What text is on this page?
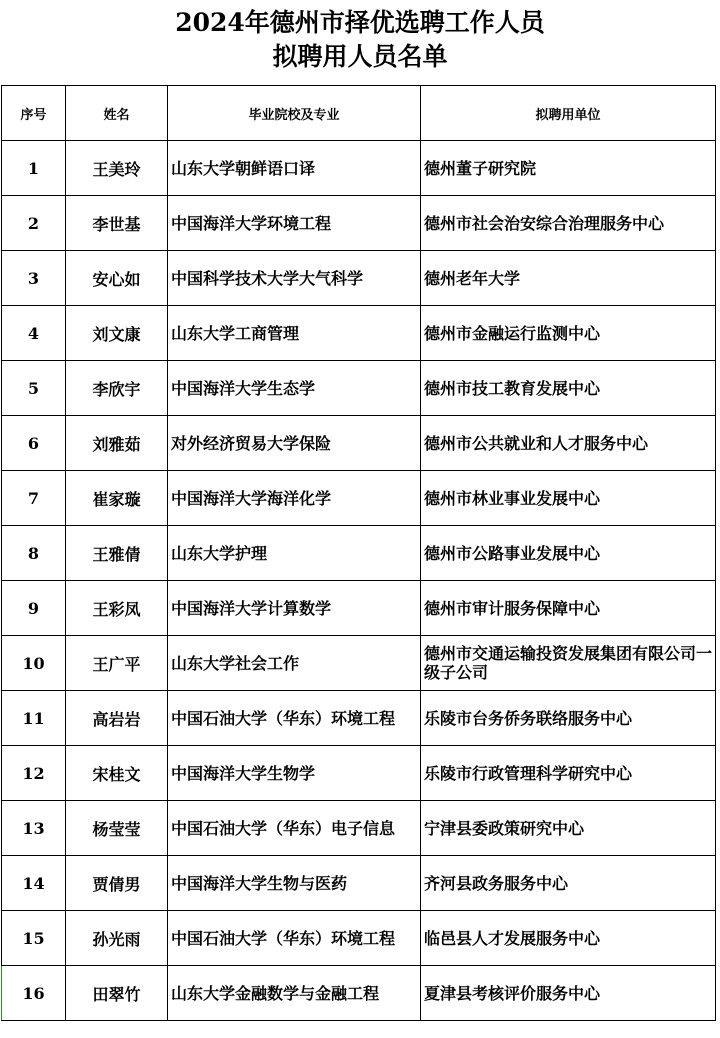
2024年德州市择优选聘工作人员
拟聘用人员名单
序号	姓名	毕业院校及专业	拟聘用单位
1	王美玲	山东大学朝鲜语口译	德州董子研究院
2	李世基	中国海洋大学环境工程	德州市社会治安综合治理服务中心
3	安心如	中国科学技术大学大气科学	德州老年大学
4	刘文康	山东大学工商管理	德州市金融运行监测中心
5	李欣宇	中国海洋大学生态学	德州市技工教育发展中心
6	刘雅茹	对外经济贸易大学保险	德州市公共就业和人才服务中心
7	崔家璇	中国海洋大学海洋化学	德州市林业事业发展中心
8	王雅倩	山东大学护理	德州市公路事业发展中心
9	王彩凤	中国海洋大学计算数学	德州市审计服务保障中心
10	王广平	山东大学社会工作	德州市交通运输投资发展集团有限公司一级子公司
11	高岩岩	中国石油大学（华东）环境工程	乐陵市台务侨务联络服务中心
12	宋桂文	中国海洋大学生物学	乐陵市行政管理科学研究中心
13	杨莹莹	中国石油大学（华东）电子信息	宁津县委政策研究中心
14	贾倩男	中国海洋大学生物与医药	齐河县政务服务中心
15	孙光雨	中国石油大学（华东）环境工程	临邑县人才发展服务中心
16	田翠竹	山东大学金融数学与金融工程	夏津县考核评价服务中心
